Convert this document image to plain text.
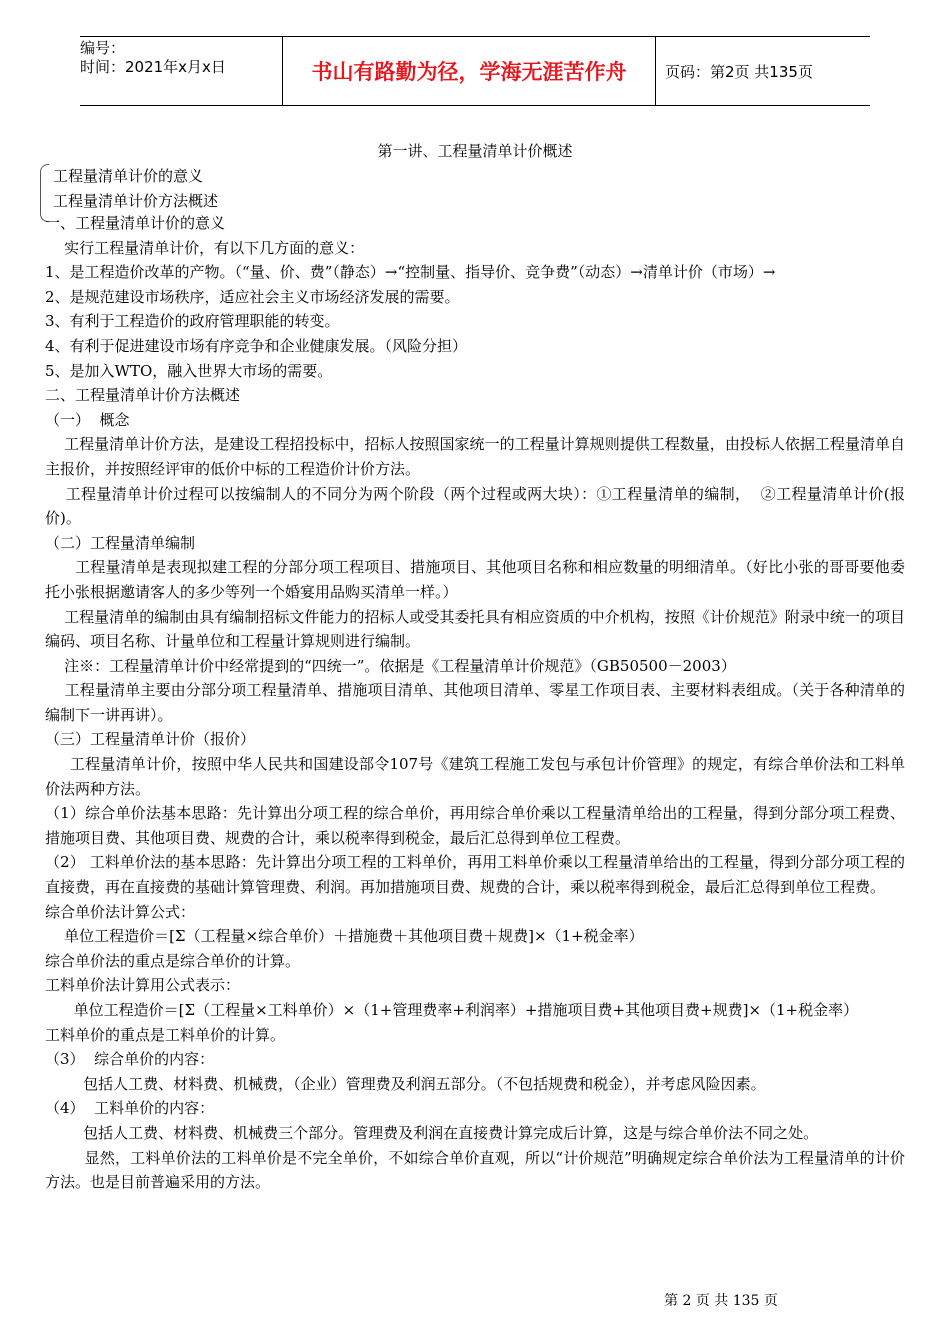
编号：
时间：2021年x月x日	书山有路勤为径，学海无涯苦作舟	页码：第2页 共135页
第一讲、工程量清单计价概述
工程量清单计价的意义
工程量清单计价方法概述

一、工程量清单计价的意义

实行工程量清单计价，有以下几方面的意义：

1、是工程造价改革的产物。（“量、价、费”（静态）→“控制量、指导价、竞争费”（动态）→清单计价（市场）→

2、是规范建设市场秩序，适应社会主义市场经济发展的需要。

3、有利于工程造价的政府管理职能的转变。

4、有利于促进建设市场有序竞争和企业健康发展。（风险分担）

5、是加入WTO，融入世界大市场的需要。

二、工程量清单计价方法概述

（一）  概念

工程量清单计价方法，是建设工程招投标中，招标人按照国家统一的工程量计算规则提供工程数量，由投标人依据工程量清单自主报价，并按照经评审的低价中标的工程造价计价方法。

工程量清单计价过程可以按编制人的不同分为两个阶段（两个过程或两大块）：①工程量清单的编制，  ②工程量清单计价(报价)。

（二）工程量清单编制

工程量清单是表现拟建工程的分部分项工程项目、措施项目、其他项目名称和相应数量的明细清单。（好比小张的哥哥要他委托小张根据邀请客人的多少等列一个婚宴用品购买清单一样。）

工程量清单的编制由具有编制招标文件能力的招标人或受其委托具有相应资质的中介机构，按照《计价规范》附录中统一的项目编码、项目名称、计量单位和工程量计算规则进行编制。

注※：工程量清单计价中经常提到的“四统一”。依据是《工程量清单计价规范》（GB50500－2003）

工程量清单主要由分部分项工程量清单、措施项目清单、其他项目清单、零星工作项目表、主要材料表组成。（关于各种清单的编制下一讲再讲）。

（三）工程量清单计价（报价）

工程量清单计价，按照中华人民共和国建设部令107号《建筑工程施工发包与承包计价管理》的规定，有综合单价法和工料单价法两种方法。

（1）综合单价法基本思路：先计算出分项工程的综合单价，再用综合单价乘以工程量清单给出的工程量，得到分部分项工程费、措施项目费、其他项目费、规费的合计，乘以税率得到税金，最后汇总得到单位工程费。

（2） 工料单价法的基本思路：先计算出分项工程的工料单价，再用工料单价乘以工程量清单给出的工程量，得到分部分项工程的直接费，再在直接费的基础计算管理费、利润。再加措施项目费、规费的合计，乘以税率得到税金，最后汇总得到单位工程费。

综合单价法计算公式：

单位工程造价＝[Σ（工程量×综合单价）＋措施费＋其他项目费＋规费]×（1+税金率）

综合单价法的重点是综合单价的计算。

工料单价法计算用公式表示：

单位工程造价＝[Σ（工程量×工料单价）×（1+管理费率+利润率）+措施项目费+其他项目费+规费]×（1+税金率）

工料单价的重点是工料单价的计算。

（3）  综合单价的内容：

包括人工费、材料费、机械费，（企业）管理费及利润五部分。（不包括规费和税金），并考虑风险因素。

（4）  工料单价的内容：

包括人工费、材料费、机械费三个部分。管理费及利润在直接费计算完成后计算，这是与综合单价法不同之处。

显然，工料单价法的工料单价是不完全单价，不如综合单价直观，所以“计价规范”明确规定综合单价法为工程量清单的计价方法。也是目前普遍采用的方法。

第 2 页 共 135 页
